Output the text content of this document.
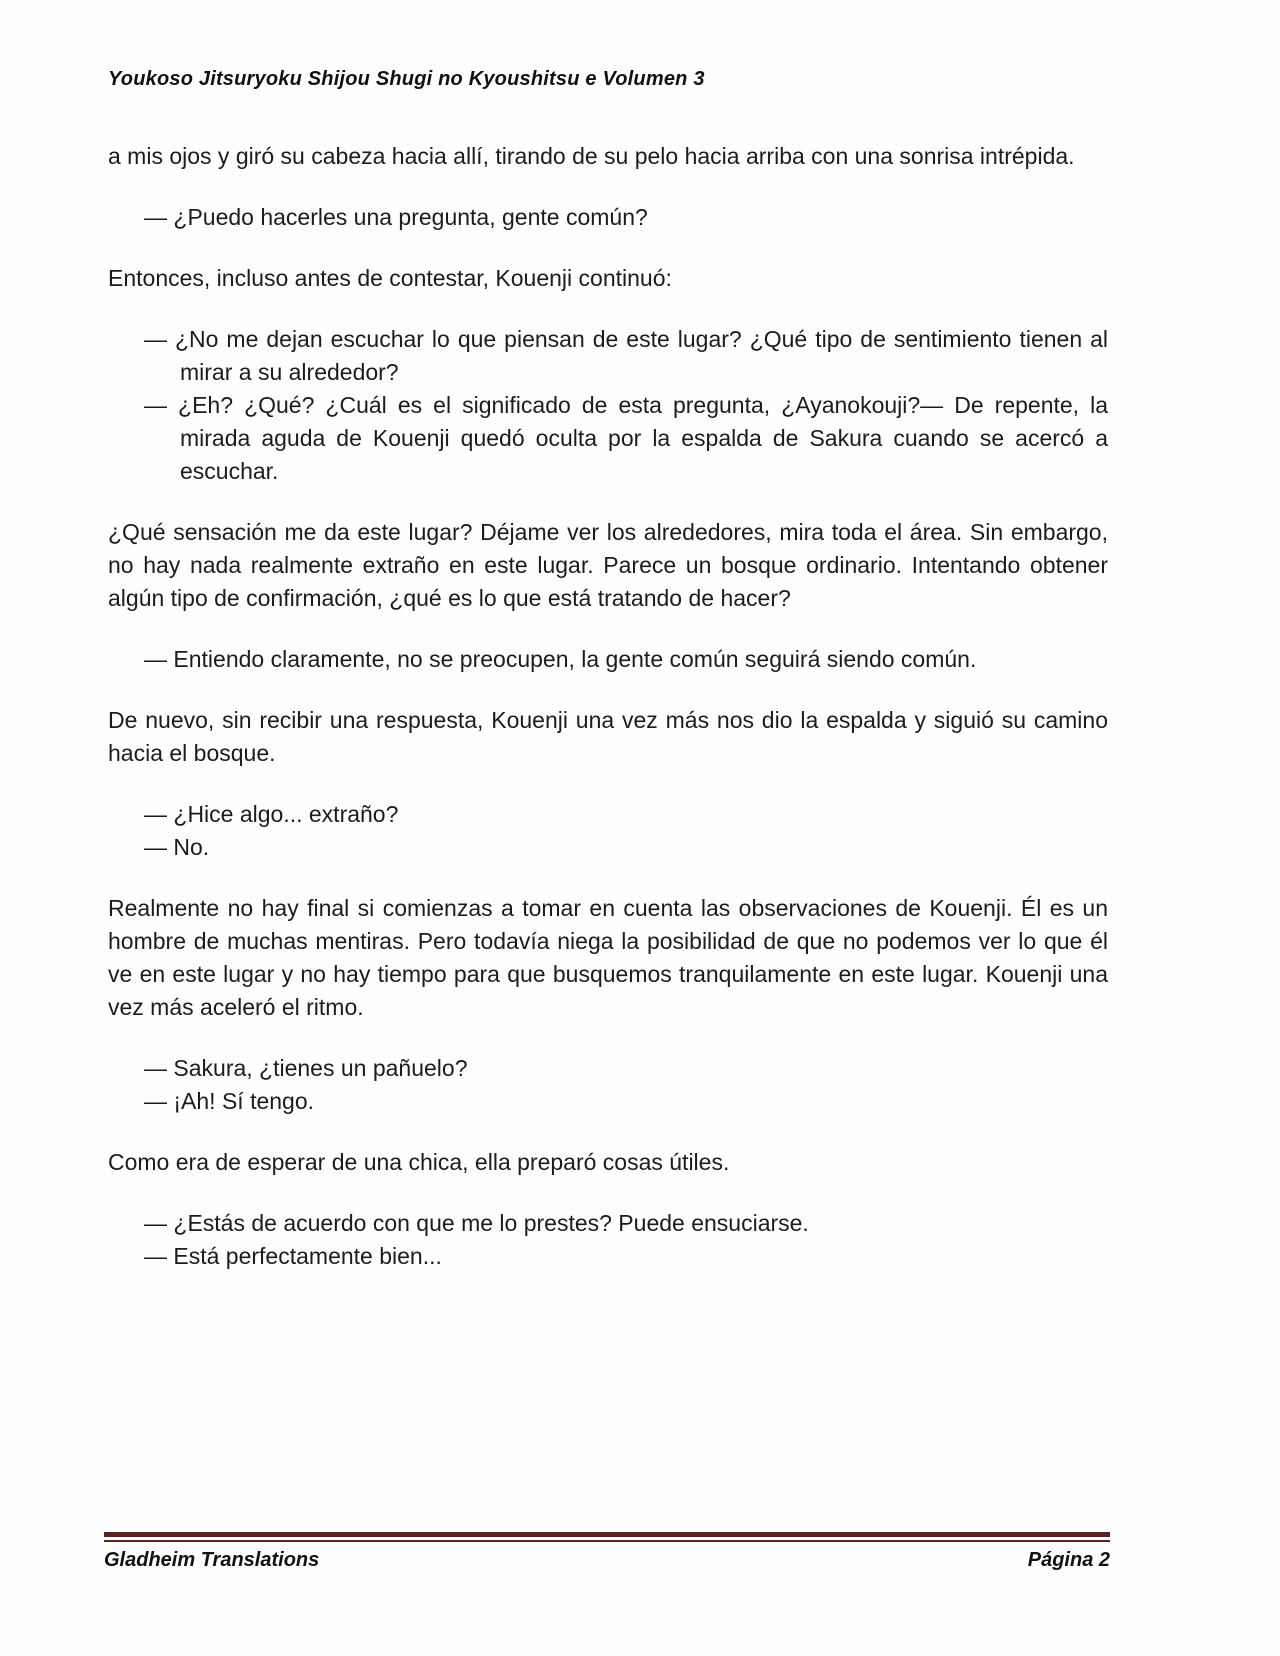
Youkoso Jitsuryoku Shijou Shugi no Kyoushitsu e Volumen 3
a mis ojos y giró su cabeza hacia allí, tirando de su pelo hacia arriba con una sonrisa intrépida.
— ¿Puedo hacerles una pregunta, gente común?
Entonces, incluso antes de contestar, Kouenji continuó:
— ¿No me dejan escuchar lo que piensan de este lugar? ¿Qué tipo de sentimiento tienen al mirar a su alrededor?
— ¿Eh? ¿Qué? ¿Cuál es el significado de esta pregunta, ¿Ayanokouji?— De repente, la mirada aguda de Kouenji quedó oculta por la espalda de Sakura cuando se acercó a escuchar.
¿Qué sensación me da este lugar? Déjame ver los alrededores, mira toda el área. Sin embargo, no hay nada realmente extraño en este lugar. Parece un bosque ordinario. Intentando obtener algún tipo de confirmación, ¿qué es lo que está tratando de hacer?
— Entiendo claramente, no se preocupen, la gente común seguirá siendo común.
De nuevo, sin recibir una respuesta, Kouenji una vez más nos dio la espalda y siguió su camino hacia el bosque.
— ¿Hice algo... extraño?
— No.
Realmente no hay final si comienzas a tomar en cuenta las observaciones de Kouenji. Él es un hombre de muchas mentiras. Pero todavía niega la posibilidad de que no podemos ver lo que él ve en este lugar y no hay tiempo para que busquemos tranquilamente en este lugar. Kouenji una vez más aceleró el ritmo.
— Sakura, ¿tienes un pañuelo?
— ¡Ah! Sí tengo.
Como era de esperar de una chica, ella preparó cosas útiles.
— ¿Estás de acuerdo con que me lo prestes? Puede ensuciarse.
— Está perfectamente bien...
Gladheim Translations	Página 2
